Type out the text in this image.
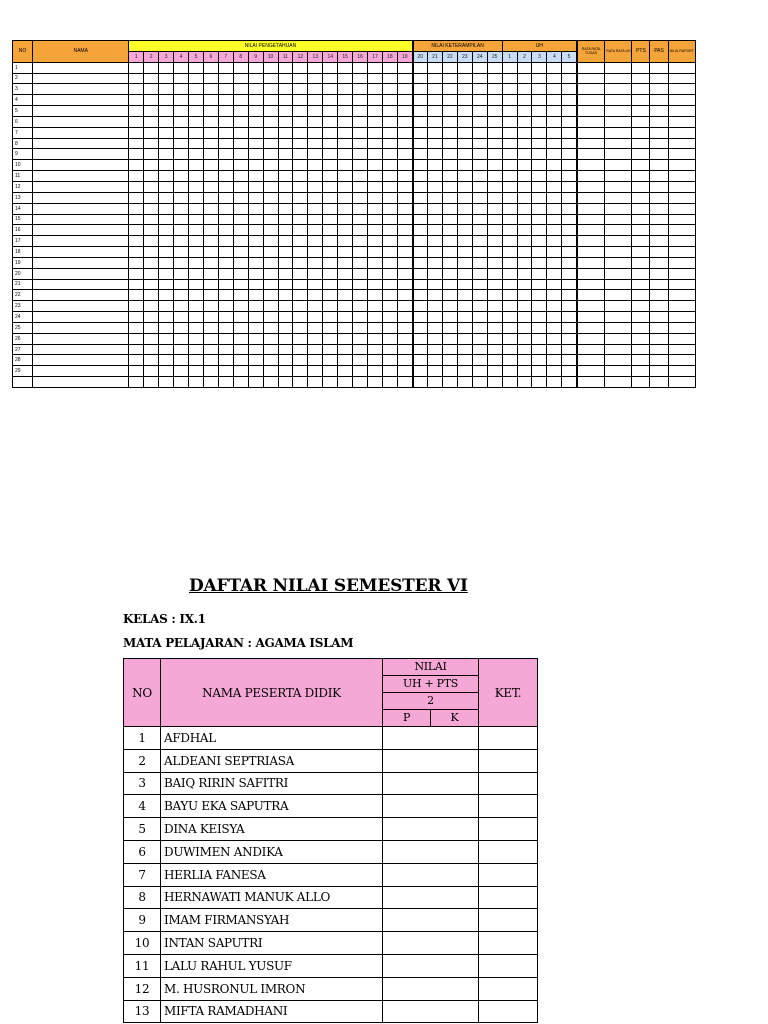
NO	NAMA	NILAI PENGETAHUAN																			NILAI KETERAMPILAN						UH					RATA RATA TUGAS	RATA RATA UH	PTS	PAS	NILAI RAPORT
		1	2	3	4	5	6	7	8	9	10	11	12	13	14	15	16	17	18	19	20	21	22	23	24	25	1	2	3	4	5					
1																																				
2																																				
3																																				
4																																				
5																																				
6																																				
7																																				
8																																				
9																																				
10																																				
11																																				
12																																				
13																																				
14																																				
15																																				
16																																				
17																																				
18																																				
19																																				
20																																				
21																																				
22																																				
23																																				
24																																				
25																																				
26																																				
27																																				
28																																				
29																																				

DAFTAR NILAI SEMESTER VI
KELAS : IX.1
MATA PELAJARAN : AGAMA ISLAM
NO	NAMA PESERTA DIDIK	NILAI		KET.
		UH + PTS		
		2		
		P	K	
1	AFDHAL			
2	ALDEANI SEPTRIASA			
3	BAIQ RIRIN SAFITRI			
4	BAYU EKA SAPUTRA			
5	DINA KEISYA			
6	DUWIMEN ANDIKA			
7	HERLIA FANESA			
8	HERNAWATI MANUK ALLO			
9	IMAM FIRMANSYAH			
10	INTAN SAPUTRI			
11	LALU RAHUL YUSUF			
12	M. HUSRONUL IMRON			
13	MIFTA RAMADHANI			
